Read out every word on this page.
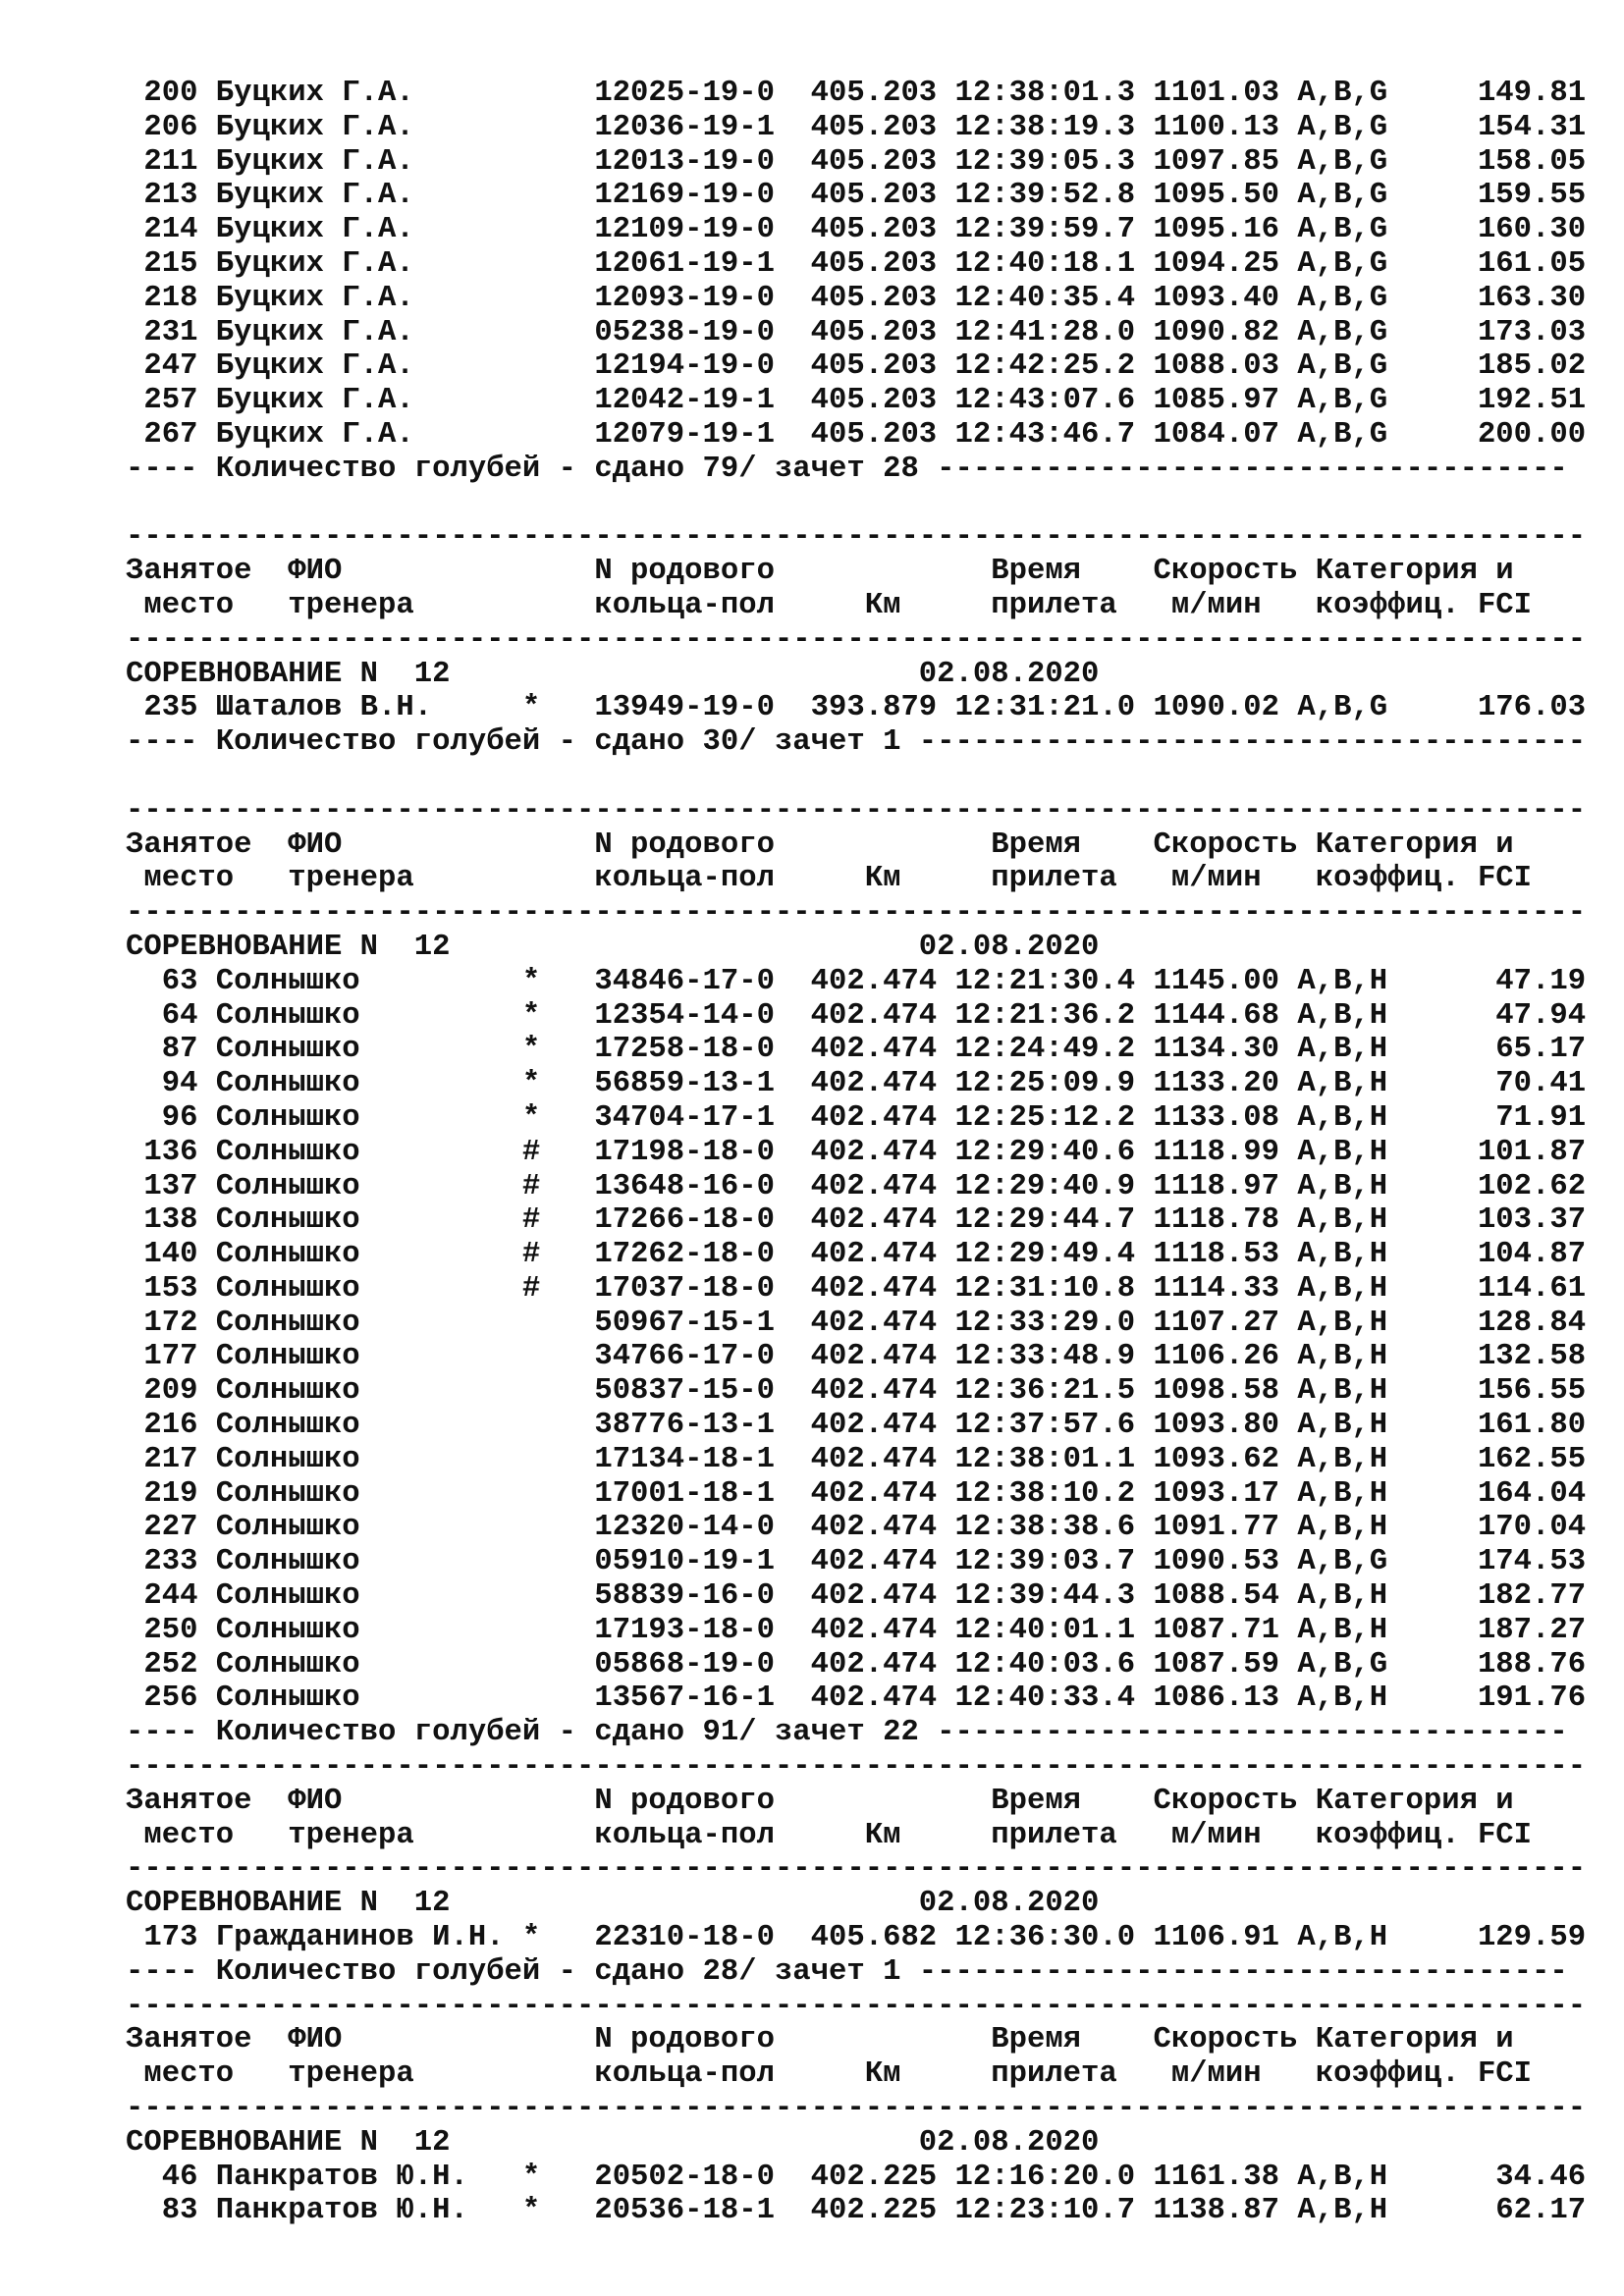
200 Буцких Г.А.          12025-19-0  405.203 12:38:01.3 1101.03 A,B,G     149.81
206 Буцких Г.А.          12036-19-1  405.203 12:38:19.3 1100.13 A,B,G     154.31
211 Буцких Г.А.          12013-19-0  405.203 12:39:05.3 1097.85 A,B,G     158.05
213 Буцких Г.А.          12169-19-0  405.203 12:39:52.8 1095.50 A,B,G     159.55
214 Буцких Г.А.          12109-19-0  405.203 12:39:59.7 1095.16 A,B,G     160.30
215 Буцких Г.А.          12061-19-1  405.203 12:40:18.1 1094.25 A,B,G     161.05
218 Буцких Г.А.          12093-19-0  405.203 12:40:35.4 1093.40 A,B,G     163.30
231 Буцких Г.А.          05238-19-0  405.203 12:41:28.0 1090.82 A,B,G     173.03
247 Буцких Г.А.          12194-19-0  405.203 12:42:25.2 1088.03 A,B,G     185.02
257 Буцких Г.А.          12042-19-1  405.203 12:43:07.6 1085.97 A,B,G     192.51
267 Буцких Г.А.          12079-19-1  405.203 12:43:46.7 1084.07 A,B,G     200.00
---- Количество голубей - сдано 79/ зачет 28 -----------------------------------
---------------------------------------------------------------------------------
Занятое  ФИО              N родового            Время    Скорость Категория и
место   тренера          кольца-пол     Км     прилета   м/мин   коэффиц. FCI
---------------------------------------------------------------------------------
СОРЕВНОВАНИЕ N  12                          02.08.2020
235 Шаталов В.Н.     *   13949-19-0  393.879 12:31:21.0 1090.02 A,B,G     176.03
---- Количество голубей - сдано 30/ зачет 1 -------------------------------------
---------------------------------------------------------------------------------
Занятое  ФИО              N родового            Время    Скорость Категория и
место   тренера          кольца-пол     Км     прилета   м/мин   коэффиц. FCI
---------------------------------------------------------------------------------
СОРЕВНОВАНИЕ N  12                          02.08.2020
63 Солнышко         *   34846-17-0  402.474 12:21:30.4 1145.00 A,B,H      47.19
64 Солнышко         *   12354-14-0  402.474 12:21:36.2 1144.68 A,B,H      47.94
87 Солнышко         *   17258-18-0  402.474 12:24:49.2 1134.30 A,B,H      65.17
94 Солнышко         *   56859-13-1  402.474 12:25:09.9 1133.20 A,B,H      70.41
96 Солнышко         *   34704-17-1  402.474 12:25:12.2 1133.08 A,B,H      71.91
136 Солнышко         #   17198-18-0  402.474 12:29:40.6 1118.99 A,B,H     101.87
137 Солнышко         #   13648-16-0  402.474 12:29:40.9 1118.97 A,B,H     102.62
138 Солнышко         #   17266-18-0  402.474 12:29:44.7 1118.78 A,B,H     103.37
140 Солнышко         #   17262-18-0  402.474 12:29:49.4 1118.53 A,B,H     104.87
153 Солнышко         #   17037-18-0  402.474 12:31:10.8 1114.33 A,B,H     114.61
172 Солнышко             50967-15-1  402.474 12:33:29.0 1107.27 A,B,H     128.84
177 Солнышко             34766-17-0  402.474 12:33:48.9 1106.26 A,B,H     132.58
209 Солнышко             50837-15-0  402.474 12:36:21.5 1098.58 A,B,H     156.55
216 Солнышко             38776-13-1  402.474 12:37:57.6 1093.80 A,B,H     161.80
217 Солнышко             17134-18-1  402.474 12:38:01.1 1093.62 A,B,H     162.55
219 Солнышко             17001-18-1  402.474 12:38:10.2 1093.17 A,B,H     164.04
227 Солнышко             12320-14-0  402.474 12:38:38.6 1091.77 A,B,H     170.04
233 Солнышко             05910-19-1  402.474 12:39:03.7 1090.53 A,B,G     174.53
244 Солнышко             58839-16-0  402.474 12:39:44.3 1088.54 A,B,H     182.77
250 Солнышко             17193-18-0  402.474 12:40:01.1 1087.71 A,B,H     187.27
252 Солнышко             05868-19-0  402.474 12:40:03.6 1087.59 A,B,G     188.76
256 Солнышко             13567-16-1  402.474 12:40:33.4 1086.13 A,B,H     191.76
---- Количество голубей - сдано 91/ зачет 22 -----------------------------------
---------------------------------------------------------------------------------
Занятое  ФИО              N родового            Время    Скорость Категория и
место   тренера          кольца-пол     Км     прилета   м/мин   коэффиц. FCI
---------------------------------------------------------------------------------
СОРЕВНОВАНИЕ N  12                          02.08.2020
173 Гражданинов И.Н. *   22310-18-0  405.682 12:36:30.0 1106.91 A,B,H     129.59
---- Количество голубей - сдано 28/ зачет 1 ------------------------------------
---------------------------------------------------------------------------------
Занятое  ФИО              N родового            Время    Скорость Категория и
место   тренера          кольца-пол     Км     прилета   м/мин   коэффиц. FCI
---------------------------------------------------------------------------------
СОРЕВНОВАНИЕ N  12                          02.08.2020
46 Панкратов Ю.Н.   *   20502-18-0  402.225 12:16:20.0 1161.38 A,B,H      34.46
83 Панкратов Ю.Н.   *   20536-18-1  402.225 12:23:10.7 1138.87 A,B,H      62.17
